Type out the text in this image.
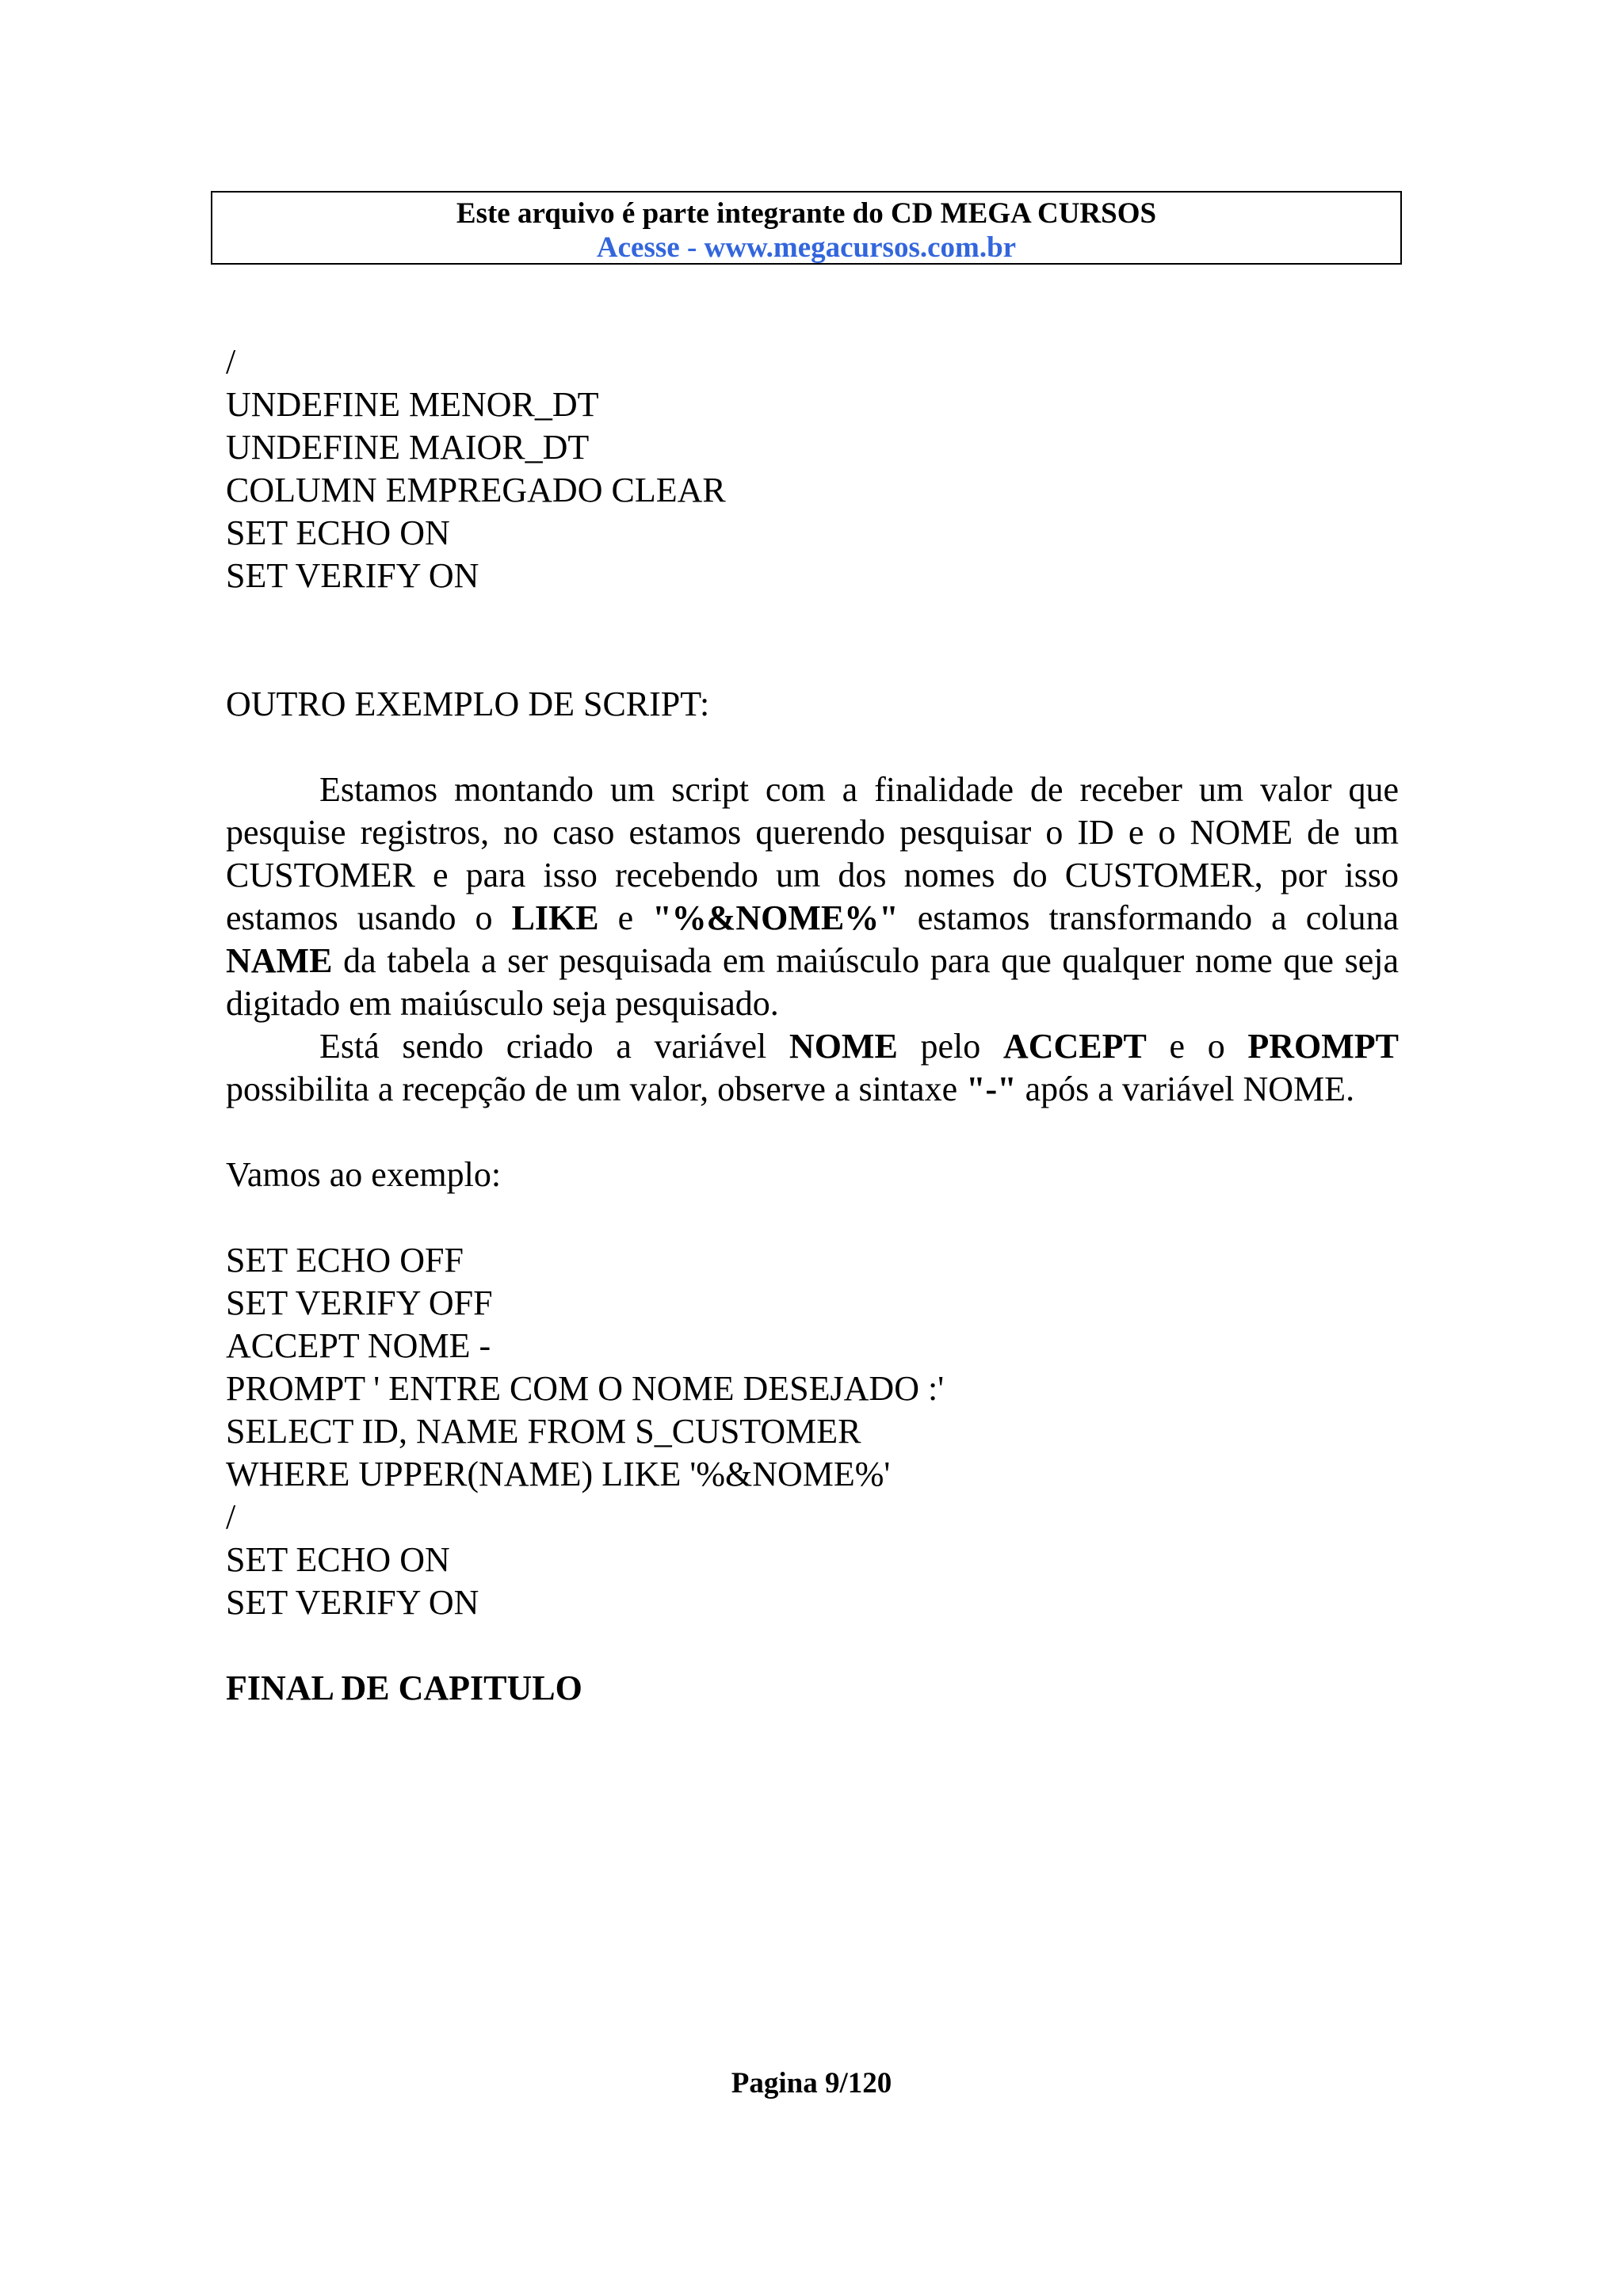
Este arquivo é parte integrante do CD MEGA CURSOS
Acesse - www.megacursos.com.br
/
UNDEFINE MENOR_DT
UNDEFINE MAIOR_DT
COLUMN EMPREGADO CLEAR
SET ECHO ON
SET VERIFY ON
OUTRO EXEMPLO DE SCRIPT:

Estamos montando um script com a finalidade de receber um valor que pesquise registros, no caso estamos querendo pesquisar o ID e o NOME de um CUSTOMER e para isso recebendo um dos nomes do CUSTOMER, por isso estamos usando o LIKE e "%&NOME%" estamos transformando a coluna NAME da tabela a ser pesquisada em maiúsculo para que qualquer nome que seja digitado em maiúsculo seja pesquisado.

Está sendo criado a variável NOME pelo ACCEPT e o PROMPT possibilita a recepção de um valor, observe a sintaxe "-" após a variável NOME.

Vamos ao exemplo:
SET ECHO OFF
SET VERIFY OFF
ACCEPT NOME -
PROMPT ' ENTRE COM O NOME DESEJADO :'
SELECT ID, NAME FROM S_CUSTOMER
WHERE UPPER(NAME) LIKE '%&NOME%'
/
SET ECHO ON
SET VERIFY ON
FINAL DE CAPITULO
Pagina 9/120
